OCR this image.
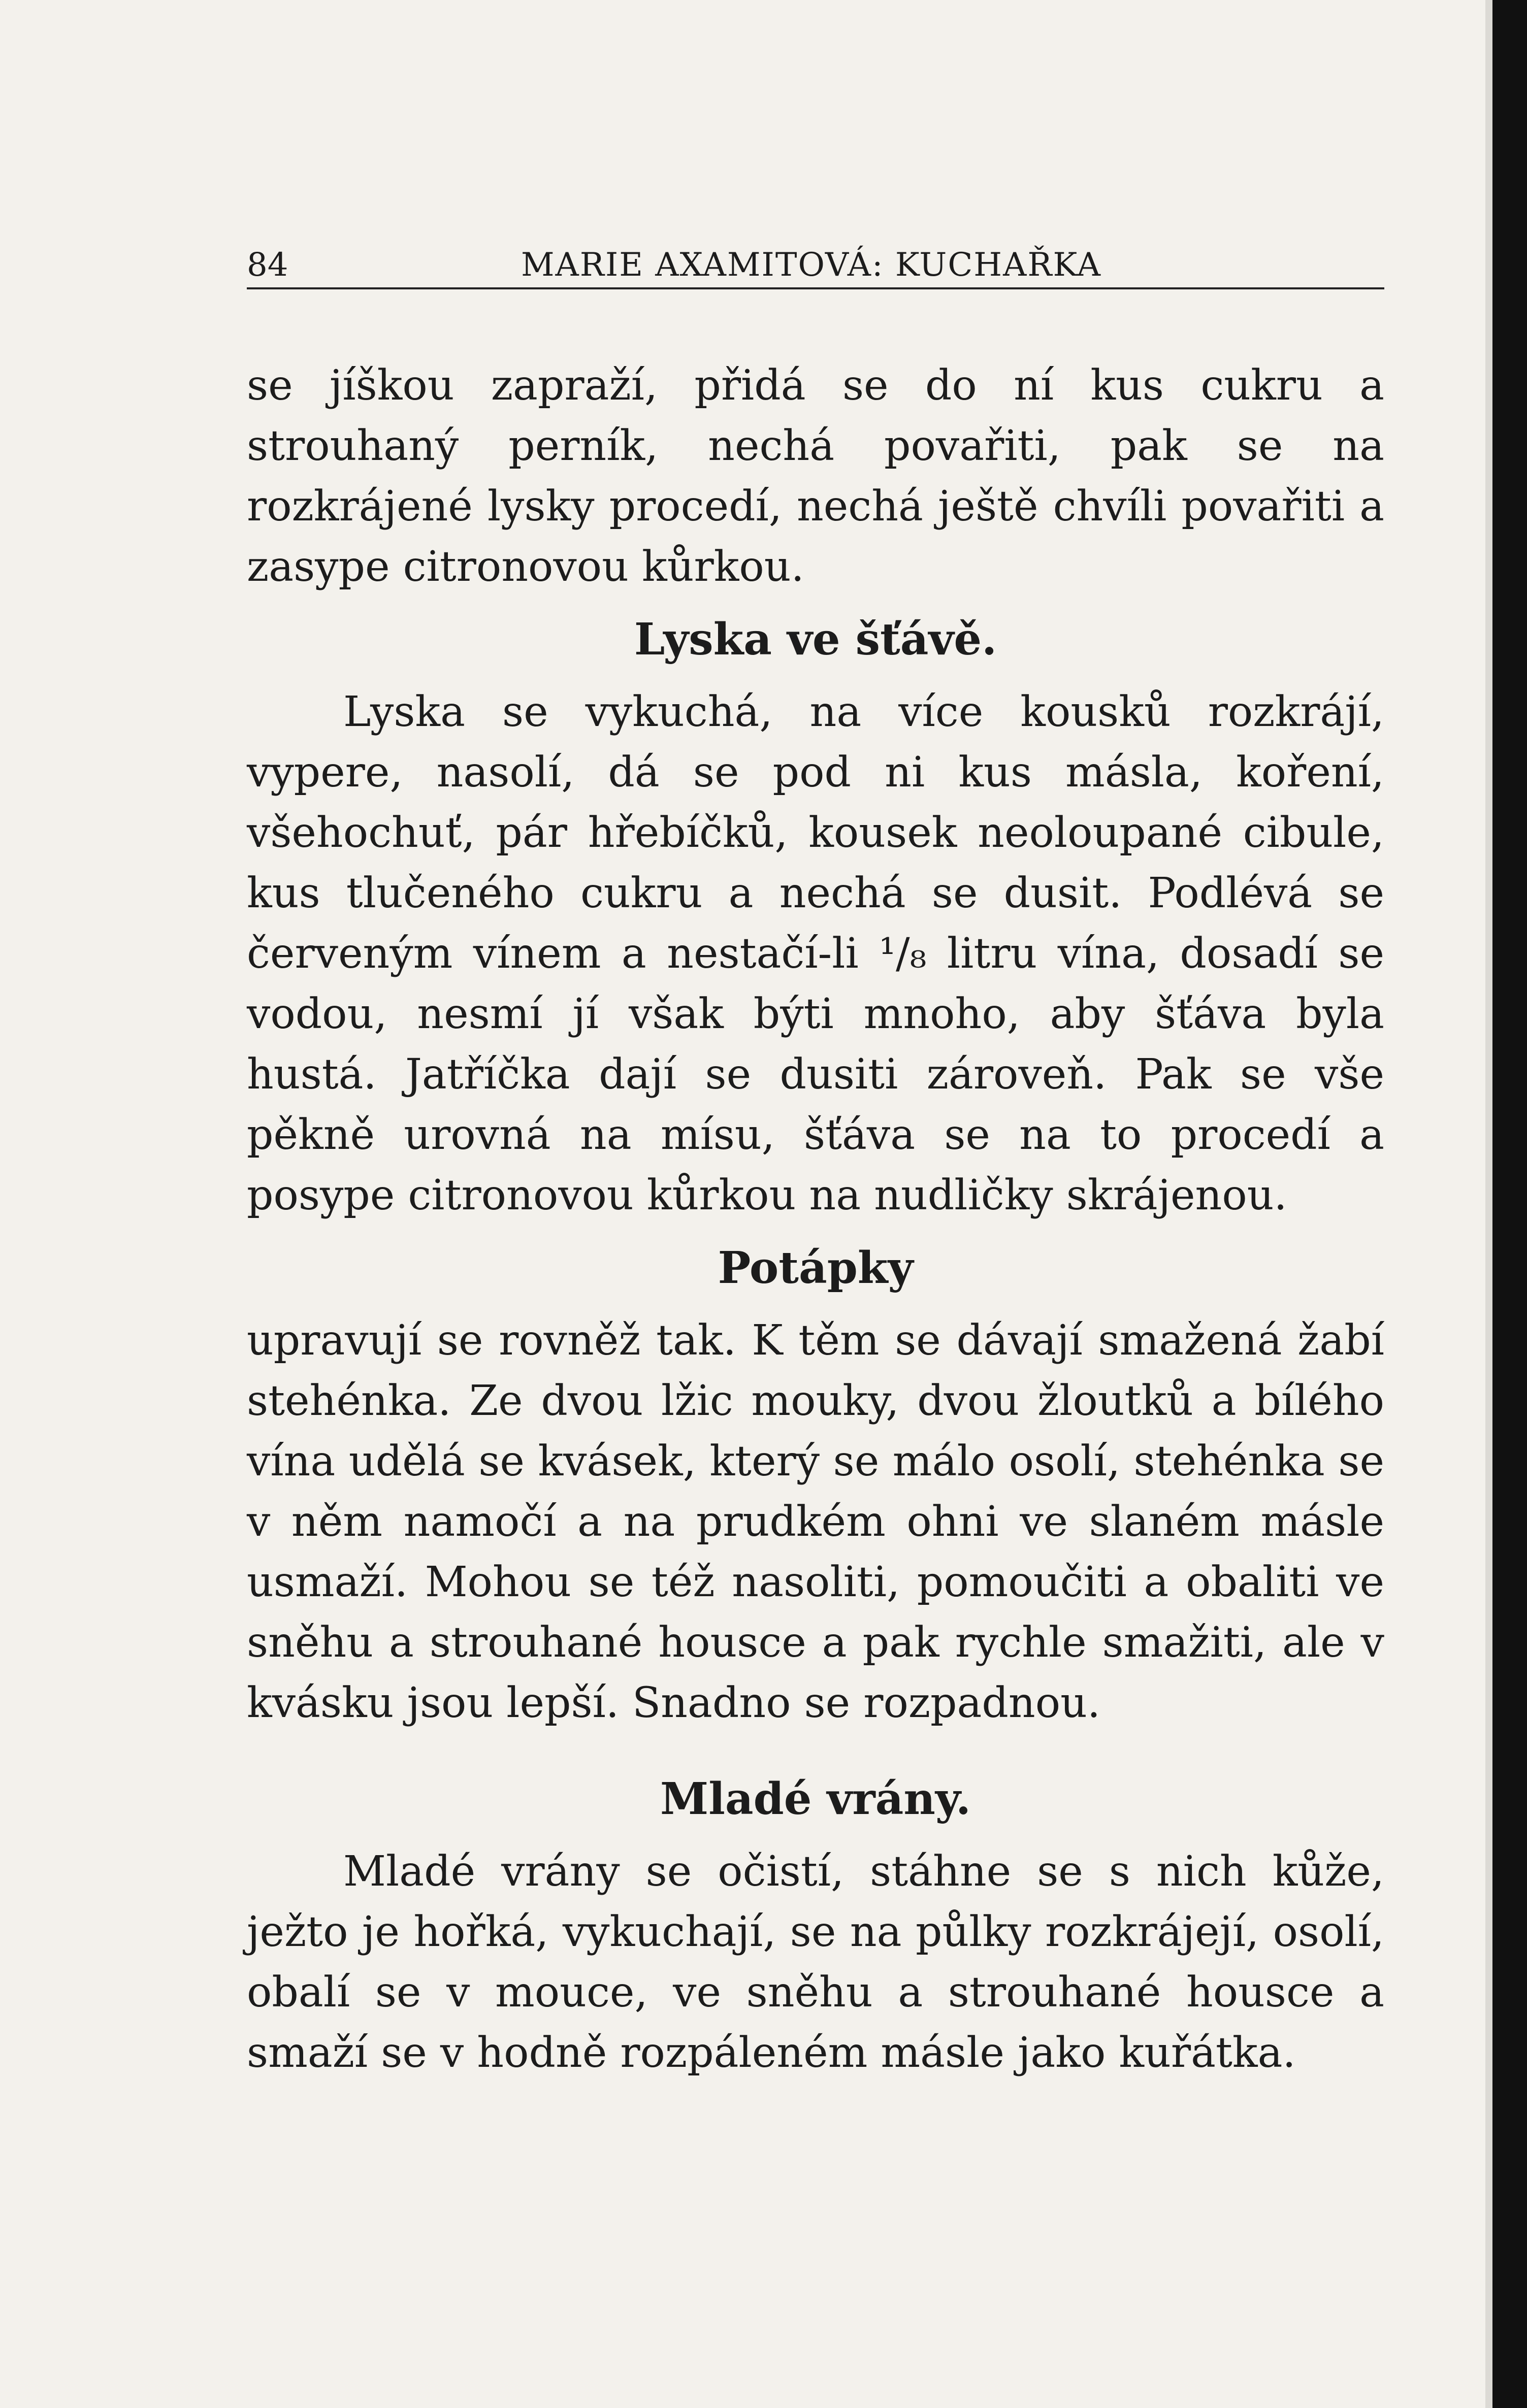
84	MARIE AXAMITOVÁ: KUCHAŘKA

se jíškou zapraží, přidá se do ní kus cukru a strouhaný perník, nechá povařiti, pak se na rozkrájené lysky procedí, nechá ještě chvíli povařiti a zasype citronovou kůrkou.

Lyska ve šťávě.

Lyska se vykuchá, na více kousků rozkrájí, vypere, nasolí, dá se pod ni kus másla, koření, všehochuť, pár hřebíčků, kousek neoloupané cibule, kus tlučeného cukru a nechá se dusit. Podlévá se červeným vínem a nestačí-li ¹/₈ litru vína, dosadí se vodou, nesmí jí však býti mnoho, aby šťáva byla hustá. Jatříčka dají se dusiti zároveň. Pak se vše pěkně urovná na mísu, šťáva se na to procedí a posype citronovou kůrkou na nudličky skrájenou.

Potápky

upravují se rovněž tak. K těm se dávají smažená žabí stehénka. Ze dvou lžic mouky, dvou žloutků a bílého vína udělá se kvásek, který se málo osolí, stehénka se v něm namočí a na prudkém ohni ve slaném másle usmaží. Mohou se též nasoliti, pomoučiti a obaliti ve sněhu a strouhané housce a pak rychle smažiti, ale v kvásku jsou lepší. Snadno se rozpadnou.

Mladé vrány.

Mladé vrány se očistí, stáhne se s nich kůže, ježto je hořká, vykuchají, se na půlky rozkrájejí, osolí, obalí se v mouce, ve sněhu a strouhané housce a smaží se v hodně rozpáleném másle jako kuřátka.
